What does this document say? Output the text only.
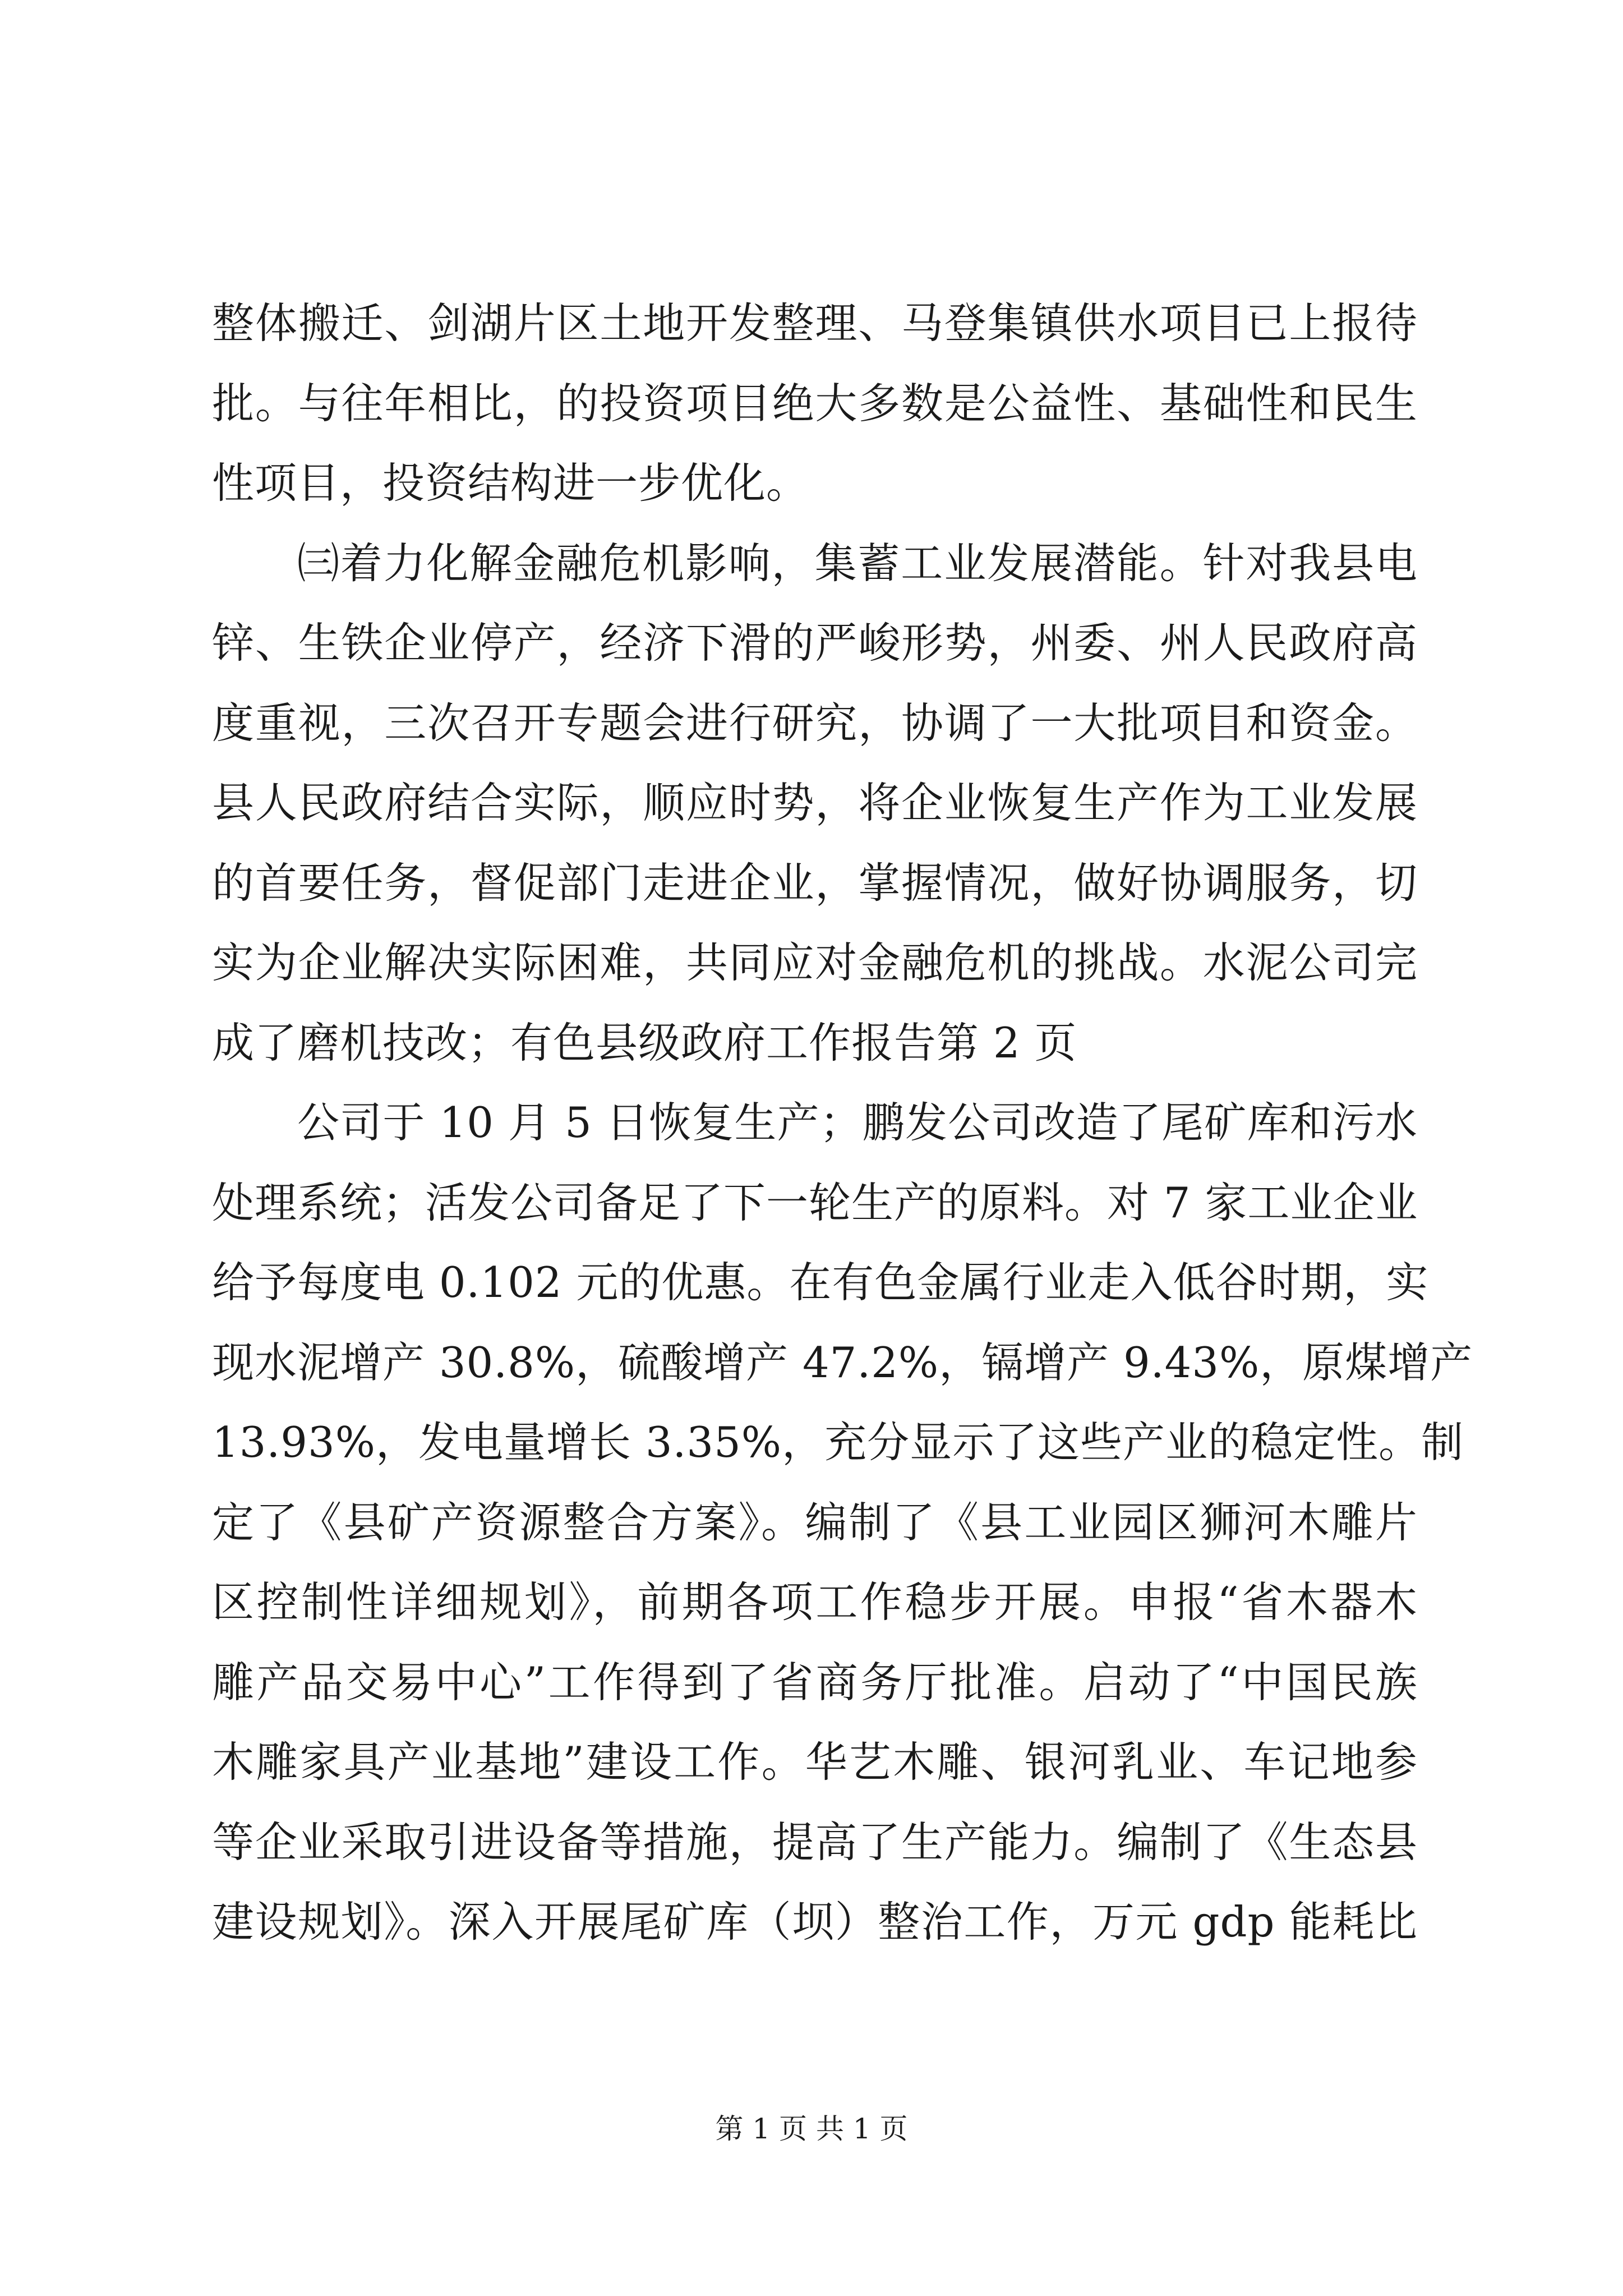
整体搬迁、剑湖片区土地开发整理、马登集镇供水项目已上报待
批。与往年相比，的投资项目绝大多数是公益性、基础性和民生
性项目，投资结构进一步优化。
㈢着力化解金融危机影响，集蓄工业发展潜能。针对我县电
锌、生铁企业停产，经济下滑的严峻形势，州委、州人民政府高
度重视，三次召开专题会进行研究，协调了一大批项目和资金。
县人民政府结合实际，顺应时势，将企业恢复生产作为工业发展
的首要任务，督促部门走进企业，掌握情况，做好协调服务，切
实为企业解决实际困难，共同应对金融危机的挑战。水泥公司完
成了磨机技改；有色县级政府工作报告第 2 页
公司于 10 月 5 日恢复生产；鹏发公司改造了尾矿库和污水
处理系统；活发公司备足了下一轮生产的原料。对 7 家工业企业
给予每度电 0.102 元的优惠。在有色金属行业走入低谷时期，实
现水泥增产 30.8%，硫酸增产 47.2%，镉增产 9.43%，原煤增产
13.93%，发电量增长 3.35%，充分显示了这些产业的稳定性。制
定了《县矿产资源整合方案》。编制了《县工业园区狮河木雕片
区控制性详细规划》，前期各项工作稳步开展。申报“省木器木
雕产品交易中心”工作得到了省商务厅批准。启动了“中国民族
木雕家具产业基地”建设工作。华艺木雕、银河乳业、车记地参
等企业采取引进设备等措施，提高了生产能力。编制了《生态县
建设规划》。深入开展尾矿库（坝）整治工作，万元 gdp 能耗比
第 1 页 共 1 页
